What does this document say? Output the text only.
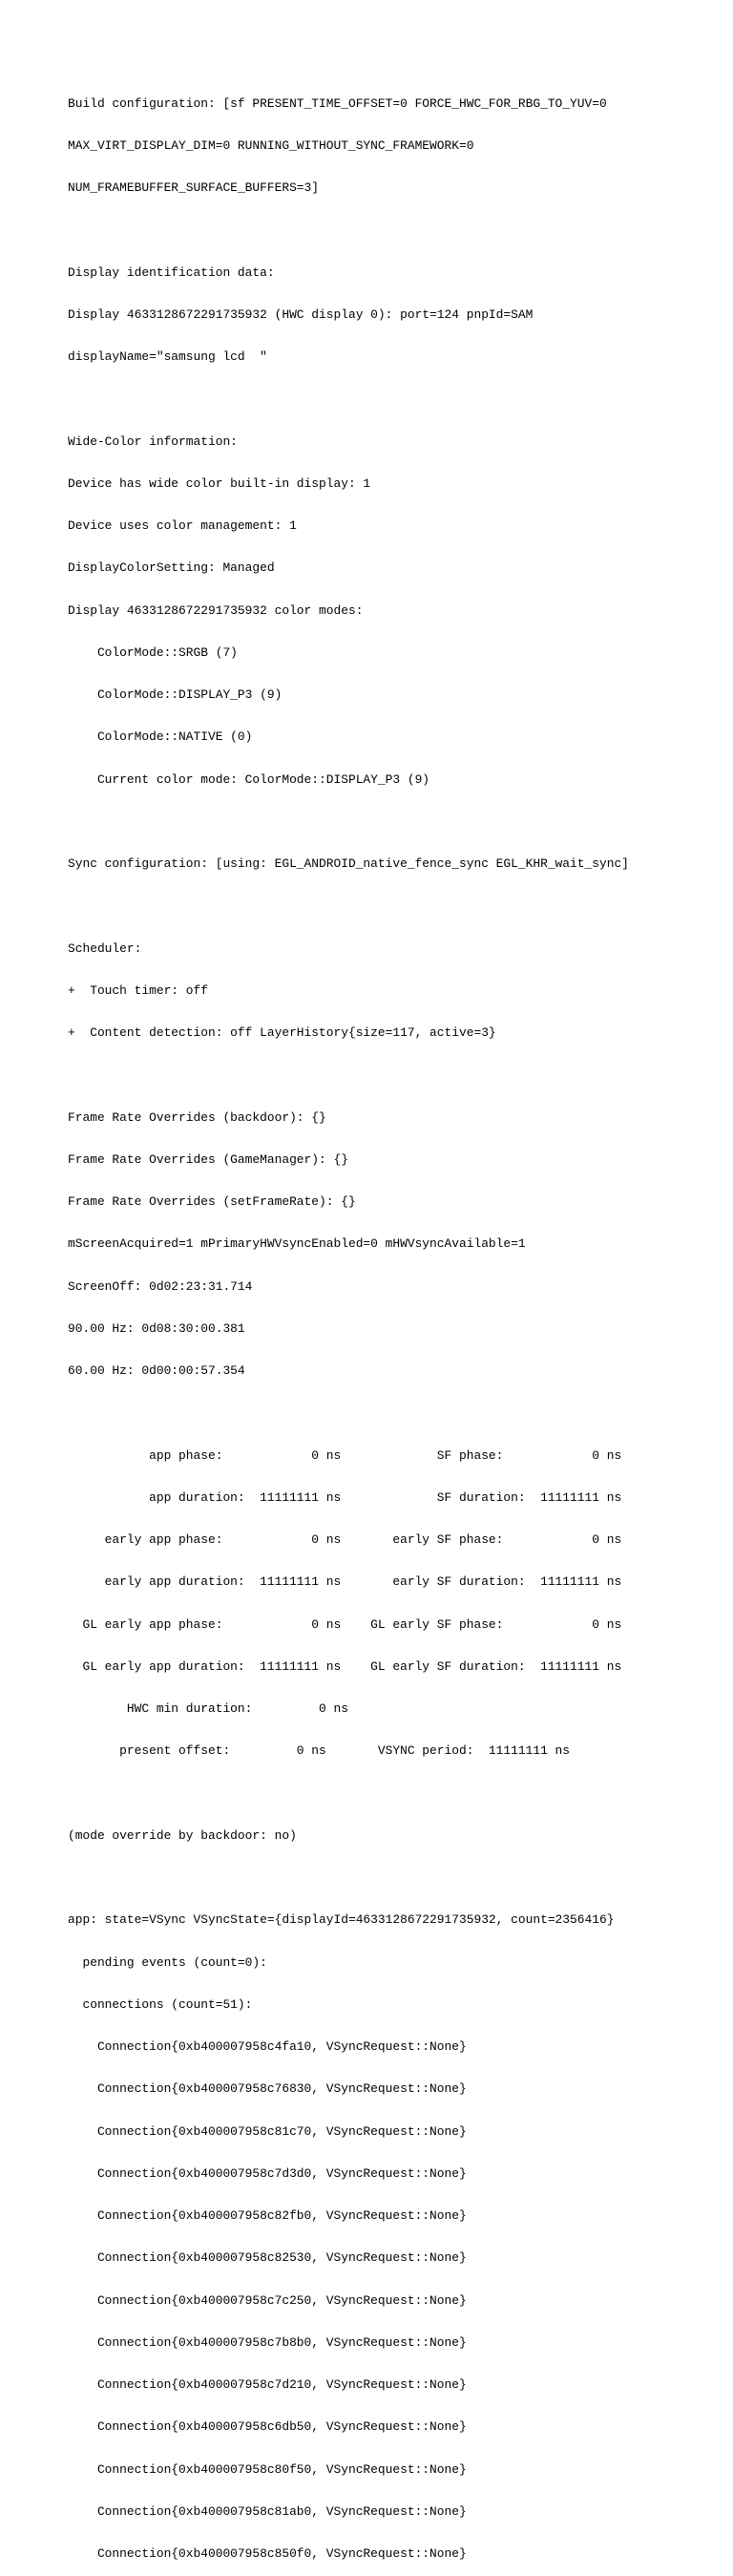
Build configuration: [sf PRESENT_TIME_OFFSET=0 FORCE_HWC_FOR_RBG_TO_YUV=0

MAX_VIRT_DISPLAY_DIM=0 RUNNING_WITHOUT_SYNC_FRAMEWORK=0

NUM_FRAMEBUFFER_SURFACE_BUFFERS=3]

Display identification data:

Display 4633128672291735932 (HWC display 0): port=124 pnpId=SAM

displayName="samsung lcd  "

Wide-Color information:

Device has wide color built-in display: 1

Device uses color management: 1

DisplayColorSetting: Managed

Display 4633128672291735932 color modes:

ColorMode::SRGB (7)

ColorMode::DISPLAY_P3 (9)

ColorMode::NATIVE (0)

Current color mode: ColorMode::DISPLAY_P3 (9)

Sync configuration: [using: EGL_ANDROID_native_fence_sync EGL_KHR_wait_sync]

Scheduler:

+  Touch timer: off

+  Content detection: off LayerHistory{size=117, active=3}

Frame Rate Overrides (backdoor): {}

Frame Rate Overrides (GameManager): {}

Frame Rate Overrides (setFrameRate): {}

mScreenAcquired=1 mPrimaryHWVsyncEnabled=0 mHWVsyncAvailable=1

ScreenOff: 0d02:23:31.714

90.00 Hz: 0d08:30:00.381

60.00 Hz: 0d00:00:57.354

app phase:            0 ns             SF phase:            0 ns

app duration:  11111111 ns             SF duration:  11111111 ns

early app phase:            0 ns       early SF phase:            0 ns

early app duration:  11111111 ns       early SF duration:  11111111 ns

GL early app phase:            0 ns    GL early SF phase:            0 ns

GL early app duration:  11111111 ns    GL early SF duration:  11111111 ns

HWC min duration:         0 ns

present offset:         0 ns       VSYNC period:  11111111 ns

(mode override by backdoor: no)

app: state=VSync VSyncState={displayId=4633128672291735932, count=2356416}

pending events (count=0):

connections (count=51):

Connection{0xb400007958c4fa10, VSyncRequest::None}

Connection{0xb400007958c76830, VSyncRequest::None}

Connection{0xb400007958c81c70, VSyncRequest::None}

Connection{0xb400007958c7d3d0, VSyncRequest::None}

Connection{0xb400007958c82fb0, VSyncRequest::None}

Connection{0xb400007958c82530, VSyncRequest::None}

Connection{0xb400007958c7c250, VSyncRequest::None}

Connection{0xb400007958c7b8b0, VSyncRequest::None}

Connection{0xb400007958c7d210, VSyncRequest::None}

Connection{0xb400007958c6db50, VSyncRequest::None}

Connection{0xb400007958c80f50, VSyncRequest::None}

Connection{0xb400007958c81ab0, VSyncRequest::None}

Connection{0xb400007958c850f0, VSyncRequest::None}
